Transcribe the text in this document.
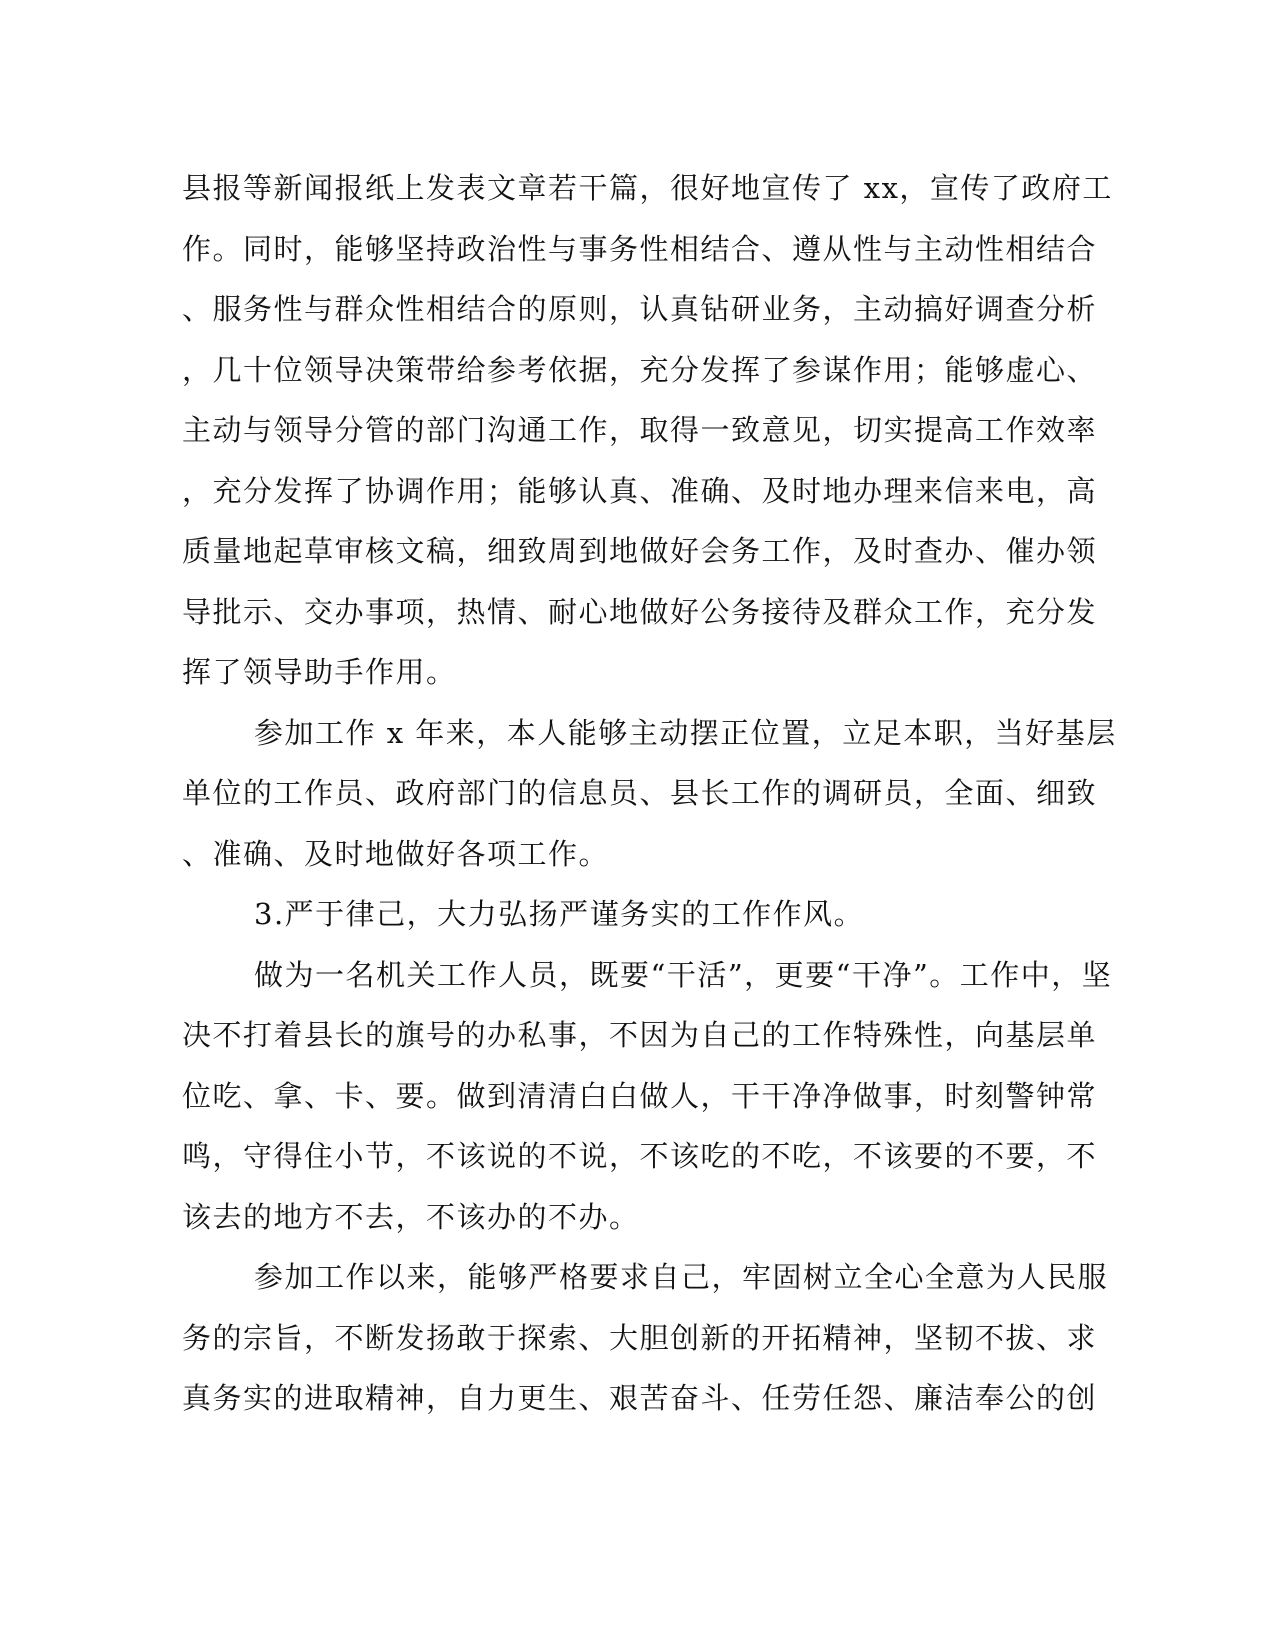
县报等新闻报纸上发表文章若干篇，很好地宣传了 xx，宣传了政府工
作。同时，能够坚持政治性与事务性相结合、遵从性与主动性相结合
、服务性与群众性相结合的原则，认真钻研业务，主动搞好调查分析
，几十位领导决策带给参考依据，充分发挥了参谋作用；能够虚心、
主动与领导分管的部门沟通工作，取得一致意见，切实提高工作效率
，充分发挥了协调作用；能够认真、准确、及时地办理来信来电，高
质量地起草审核文稿，细致周到地做好会务工作，及时查办、催办领
导批示、交办事项，热情、耐心地做好公务接待及群众工作，充分发
挥了领导助手作用。
参加工作 x 年来，本人能够主动摆正位置，立足本职，当好基层
单位的工作员、政府部门的信息员、县长工作的调研员，全面、细致
、准确、及时地做好各项工作。
3.严于律己，大力弘扬严谨务实的工作作风。
做为一名机关工作人员，既要“干活”，更要“干净”。工作中，坚
决不打着县长的旗号的办私事，不因为自己的工作特殊性，向基层单
位吃、拿、卡、要。做到清清白白做人，干干净净做事，时刻警钟常
鸣，守得住小节，不该说的不说，不该吃的不吃，不该要的不要，不
该去的地方不去，不该办的不办。
参加工作以来，能够严格要求自己，牢固树立全心全意为人民服
务的宗旨，不断发扬敢于探索、大胆创新的开拓精神，坚韧不拔、求
真务实的进取精神，自力更生、艰苦奋斗、任劳任怨、廉洁奉公的创
